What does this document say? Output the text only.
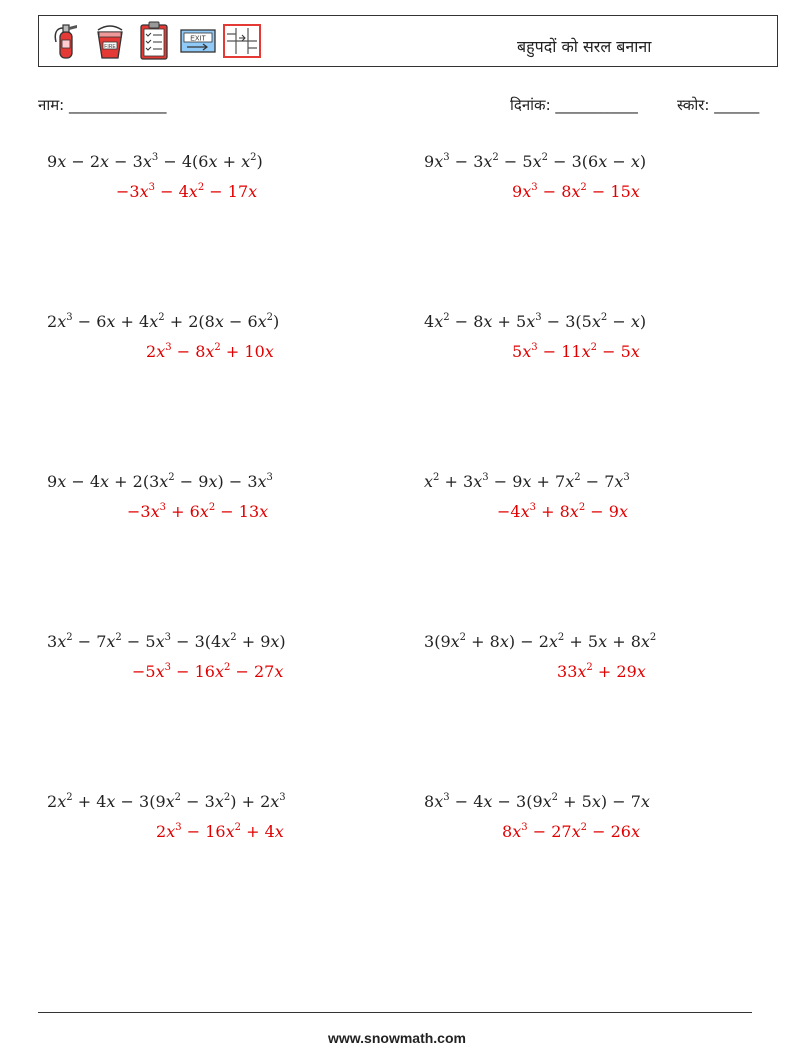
FIRE
EXIT	बहुपदों को सरल बनाना
नाम: _____________	दिनांक: ___________	स्कोर: ______
$9x - 2x - 3x^3 - 4(6x + x^2)$
$-3x^3 - 4x^2 - 17x$
$9x^3 - 3x^2 - 5x^2 - 3(6x - x)$
$9x^3 - 8x^2 - 15x$
$2x^3 - 6x + 4x^2 + 2(8x - 6x^2)$
$2x^3 - 8x^2 + 10x$
$4x^2 - 8x + 5x^3 - 3(5x^2 - x)$
$5x^3 - 11x^2 - 5x$
$9x - 4x + 2(3x^2 - 9x) - 3x^3$
$-3x^3 + 6x^2 - 13x$
$x^2 + 3x^3 - 9x + 7x^2 - 7x^3$
$-4x^3 + 8x^2 - 9x$
$3x^2 - 7x^2 - 5x^3 - 3(4x^2 + 9x)$
$-5x^3 - 16x^2 - 27x$
$3(9x^2 + 8x) - 2x^2 + 5x + 8x^2$
$33x^2 + 29x$
$2x^2 + 4x - 3(9x^2 - 3x^2) + 2x^3$
$2x^3 - 16x^2 + 4x$
$8x^3 - 4x - 3(9x^2 + 5x) - 7x$
$8x^3 - 27x^2 - 26x$
www.snowmath.com
